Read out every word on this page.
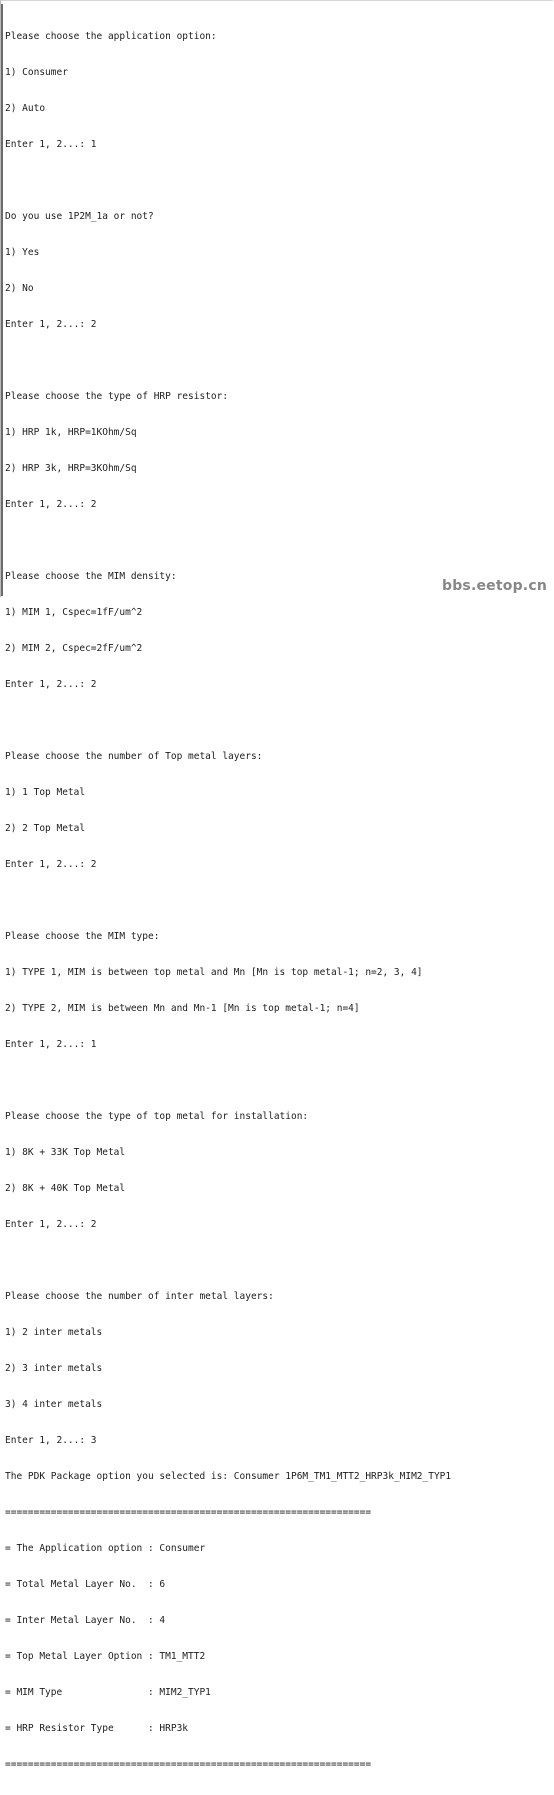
Please choose the application option:

1) Consumer

2) Auto

Enter 1, 2...: 1

Do you use 1P2M_1a or not?

1) Yes

2) No

Enter 1, 2...: 2

Please choose the type of HRP resistor:

1) HRP 1k, HRP=1KOhm/Sq

2) HRP 3k, HRP=3KOhm/Sq

Enter 1, 2...: 2

Please choose the MIM density:

1) MIM 1, Cspec=1fF/um^2

2) MIM 2, Cspec=2fF/um^2

Enter 1, 2...: 2

Please choose the number of Top metal layers:

1) 1 Top Metal

2) 2 Top Metal

Enter 1, 2...: 2

Please choose the MIM type:

1) TYPE 1, MIM is between top metal and Mn [Mn is top metal-1; n=2, 3, 4]

2) TYPE 2, MIM is between Mn and Mn-1 [Mn is top metal-1; n=4]

Enter 1, 2...: 1

Please choose the type of top metal for installation:

1) 8K + 33K Top Metal

2) 8K + 40K Top Metal

Enter 1, 2...: 2

Please choose the number of inter metal layers:

1) 2 inter metals

2) 3 inter metals

3) 4 inter metals

Enter 1, 2...: 3

The PDK Package option you selected is: Consumer 1P6M_TM1_MTT2_HRP3k_MIM2_TYP1

================================================================

= The Application option : Consumer

= Total Metal Layer No.  : 6

= Inter Metal Layer No.  : 4

= Top Metal Layer Option : TM1_MTT2

= MIM Type               : MIM2_TYP1

= HRP Resistor Type      : HRP3k

================================================================

bbs.eetop.cn
